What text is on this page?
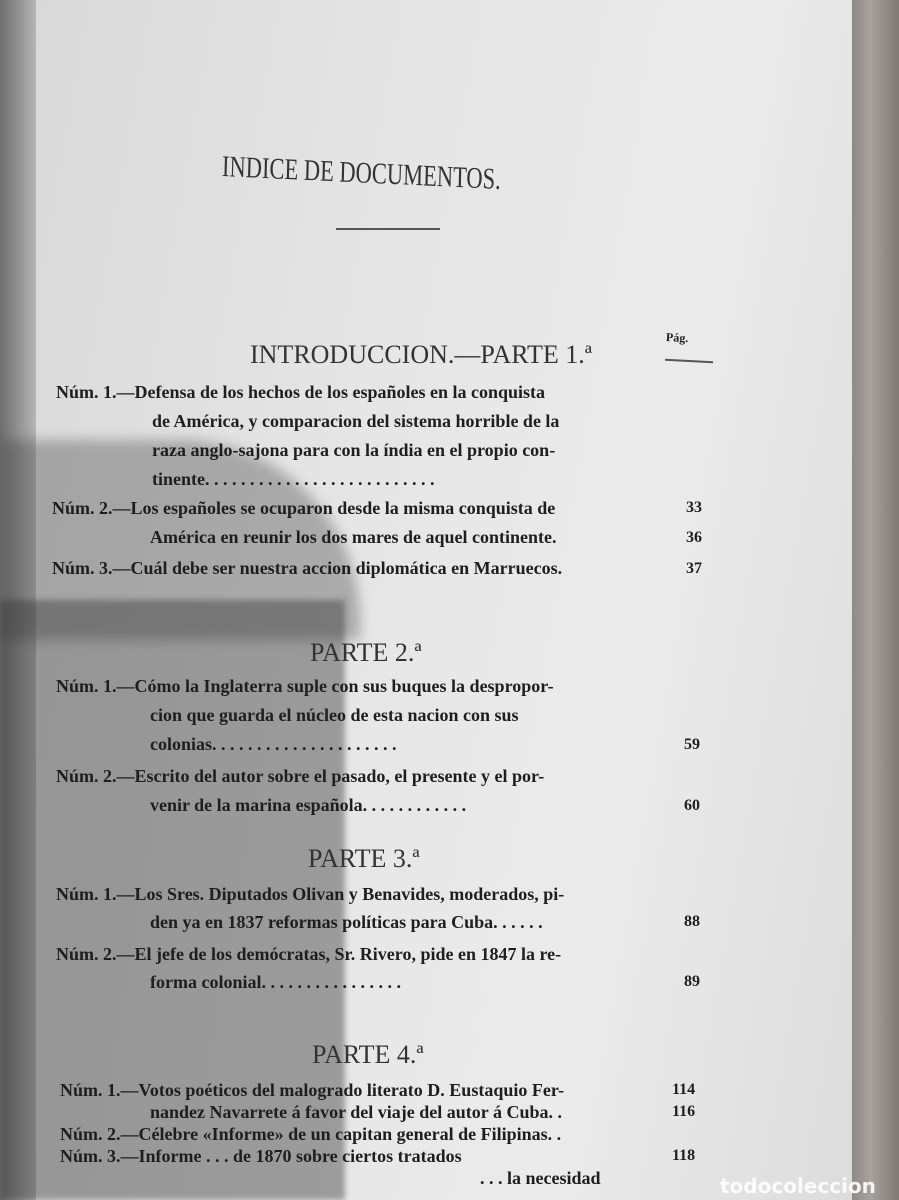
INDICE DE DOCUMENTOS.
Pág.
INTRODUCCION.—PARTE 1.ª
Núm. 1.—Defensa de los hechos de los españoles en la conquista
de América, y comparacion del sistema horrible de la
raza anglo-sajona para con la índia en el propio con-
tinente. . . . . . . . . . . . . . . . . . . . . . . . . .
Núm. 2.—Los españoles se ocuparon desde la misma conquista de
América en reunir los dos mares de aquel continente.
Núm. 3.—Cuál debe ser nuestra accion diplomática en Marruecos.
33
36
37
PARTE 2.ª
Núm. 1.—Cómo la Inglaterra suple con sus buques la despropor-
cion que guarda el núcleo de esta nacion con sus
colonias. . . . . . . . . . . . . . . . . . . . .
Núm. 2.—Escrito del autor sobre el pasado, el presente y el por-
venir de la marina española. . . . . . . . . . . .
59
60
PARTE 3.ª
Núm. 1.—Los Sres. Diputados Olivan y Benavides, moderados, pi-
den ya en 1837 reformas políticas para Cuba. . . . . .
Núm. 2.—El jefe de los demócratas, Sr. Rivero, pide en 1847 la re-
forma colonial. . . . . . . . . . . . . . . .
88
89
PARTE 4.ª
Núm. 1.—Votos poéticos del malogrado literato D. Eustaquio Fer-
nandez Navarrete á favor del viaje del autor á Cuba. .
Núm. 2.—Célebre «Informe» de un capitan general de Filipinas. .
Núm. 3.—Informe . . . de 1870 sobre ciertos tratados
. . . la necesidad
114
116
118
todocoleccion
